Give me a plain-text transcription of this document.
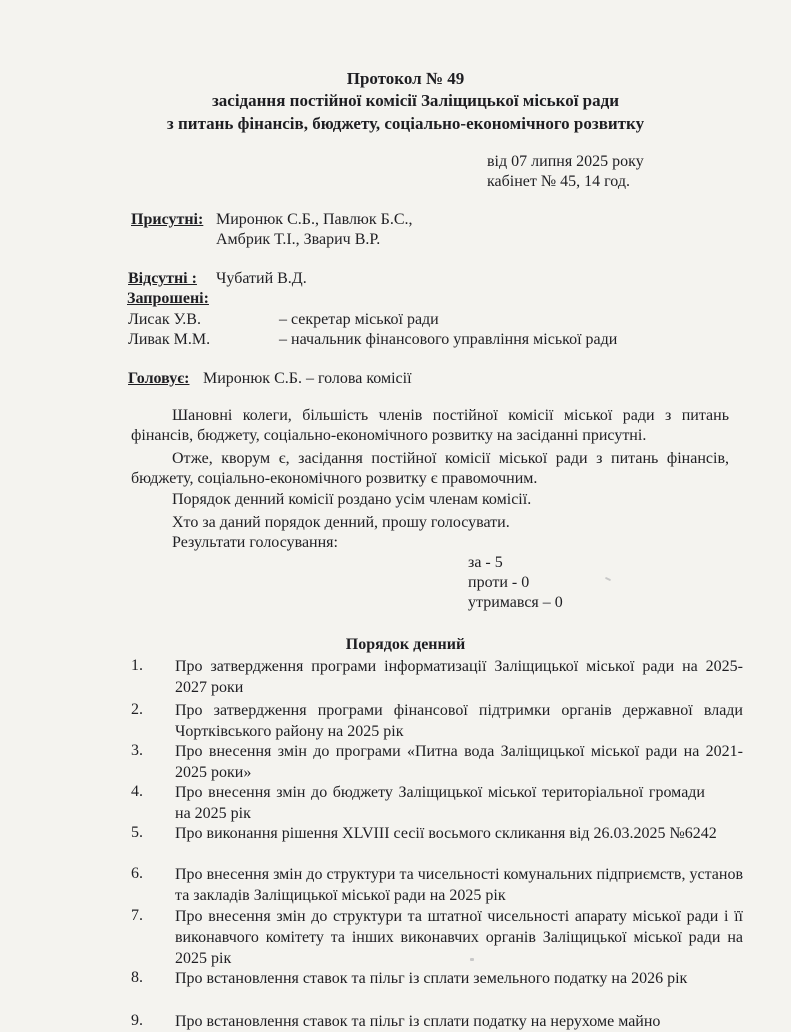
Протокол № 49
засідання постійної комісії Заліщицької міської ради
з питань фінансів, бюджету, соціально-економічного розвитку
від 07 липня 2025 року
кабінет № 45, 14 год.
Присутні: Миронюк С.Б., Павлюк Б.С.,
Амбрик Т.І., Зварич В.Р.
Відсутні : Чубатий В.Д.
Запрошені:
Лисак У.В.	– секретар міської ради
Ливак М.М.	– начальник фінансового управління міської ради
Головує: Миронюк С.Б. – голова комісії
Шановні колеги, більшість членів постійної комісії міської ради з питань фінансів, бюджету, соціально-економічного розвитку на засіданні присутні.
Отже, кворум є, засідання постійної комісії міської ради з питань фінансів, бюджету, соціально-економічного розвитку є правомочним.
Порядок денний комісії роздано усім членам комісії.
Хто за даний порядок денний, прошу голосувати.
Результати голосування:
за - 5
проти - 0
утримався – 0
Порядок денний
1.	Про затвердження програми інформатизації Заліщицької міської ради на 2025-2027 роки
2.	Про затвердження програми фінансової підтримки органів державної влади Чортківського району на 2025 рік
3.	Про внесення змін до програми «Питна вода Заліщицької міської ради на 2021-2025 роки»
4.	Про внесення змін до бюджету Заліщицької міської територіальної громади на 2025 рік
5.	Про виконання рішення XLVIII сесії восьмого скликання від 26.03.2025 №6242
6.	Про внесення змін до структури та чисельності комунальних підприємств, установ та закладів Заліщицької міської ради на 2025 рік
7.	Про внесення змін до структури та штатної чисельності апарату міської ради і її виконавчого комітету та інших виконавчих органів Заліщицької міської ради на 2025 рік
8.	Про встановлення ставок та пільг із сплати земельного податку на 2026 рік
9.	Про встановлення ставок та пільг із сплати податку на нерухоме майно
